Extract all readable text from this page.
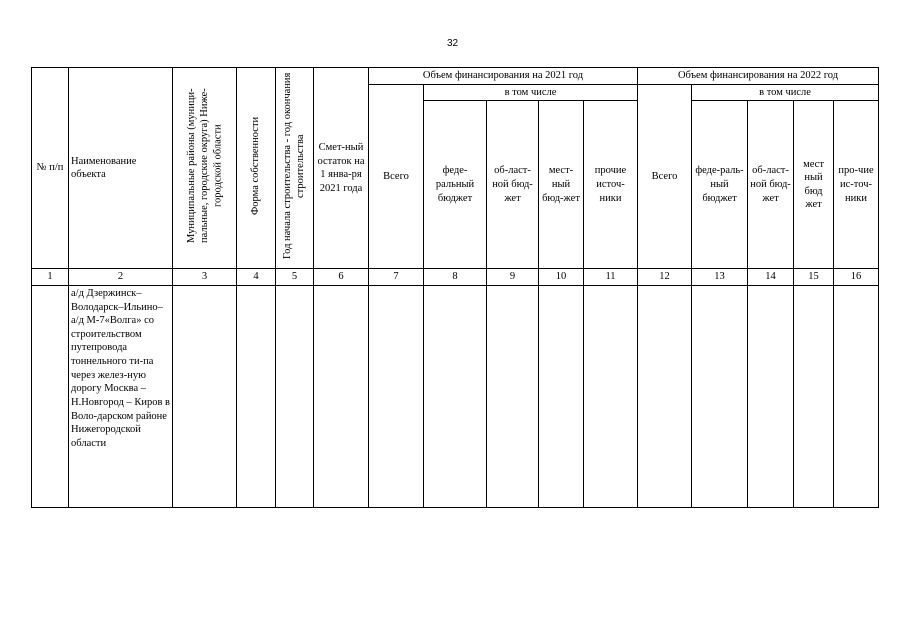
32
№ п/п	Наименование объекта	Муниципальные районы (муници-пальные, городские округа) Ниже-городской области	Форма собственности	Год начала строительства - год окончания строительства	Смет-ный остаток на 1 янва-ря 2021 года	Объем финансирования на 2021 год					Объем финансирования на 2022 год				
						Всего	в том числе				Всего	в том числе			
							феде-ральный бюджет	об-ласт-ной бюд-жет	мест-ный бюд-жет	прочие источ-ники		феде-раль-ный бюджет	об-ласт-ной бюд-жет	мест ный бюд жет	про-чие ис-точ-ники
1	2	3	4	5	6	7	8	9	10	11	12	13	14	15	16
	а/д Дзержинск–Володарск–Ильино–а/д М-7«Волга» со строительством путепровода тоннельного ти-па через желез-ную дорогу Москва – Н.Новгород – Киров в Воло-дарском районе Нижегородской области														
